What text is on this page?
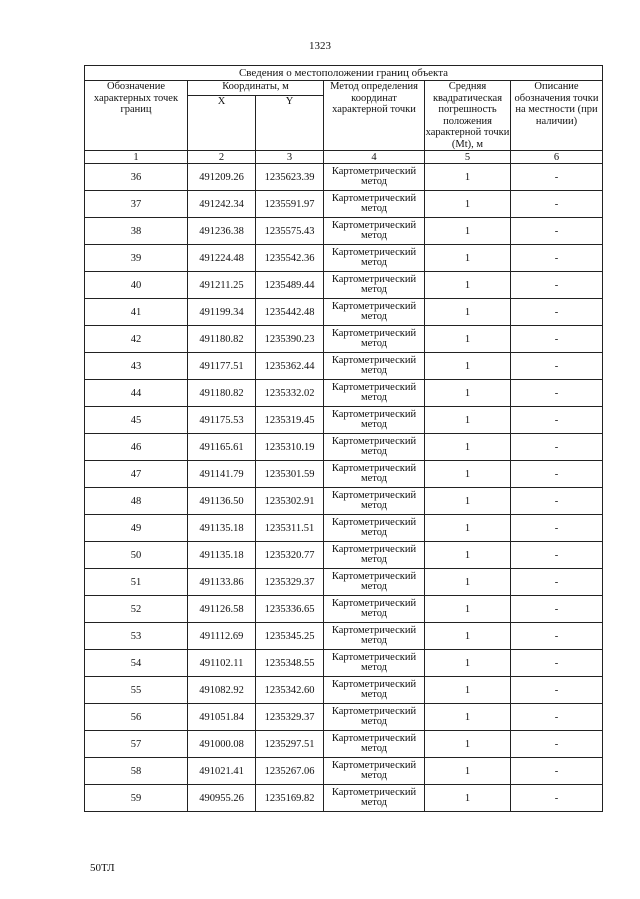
1323
Сведения о местоположении границ объекта					
Обозначение характерных точек границ	Координаты, м		Метод определения координат характерной точки	Средняя квадратическая погрешность положения характерной точки (Mt), м	Описание обозначения точки на местности (при наличии)
	X	Y			

1	2	3	4	5	6
36	491209.26	1235623.39	Картометрический метод	1	-
37	491242.34	1235591.97	Картометрический метод	1	-
38	491236.38	1235575.43	Картометрический метод	1	-
39	491224.48	1235542.36	Картометрический метод	1	-
40	491211.25	1235489.44	Картометрический метод	1	-
41	491199.34	1235442.48	Картометрический метод	1	-
42	491180.82	1235390.23	Картометрический метод	1	-
43	491177.51	1235362.44	Картометрический метод	1	-
44	491180.82	1235332.02	Картометрический метод	1	-
45	491175.53	1235319.45	Картометрический метод	1	-
46	491165.61	1235310.19	Картометрический метод	1	-
47	491141.79	1235301.59	Картометрический метод	1	-
48	491136.50	1235302.91	Картометрический метод	1	-
49	491135.18	1235311.51	Картометрический метод	1	-
50	491135.18	1235320.77	Картометрический метод	1	-
51	491133.86	1235329.37	Картометрический метод	1	-
52	491126.58	1235336.65	Картометрический метод	1	-
53	491112.69	1235345.25	Картометрический метод	1	-
54	491102.11	1235348.55	Картометрический метод	1	-
55	491082.92	1235342.60	Картометрический метод	1	-
56	491051.84	1235329.37	Картометрический метод	1	-
57	491000.08	1235297.51	Картометрический метод	1	-
58	491021.41	1235267.06	Картометрический метод	1	-
59	490955.26	1235169.82	Картометрический метод	1	-
50ТЛ
